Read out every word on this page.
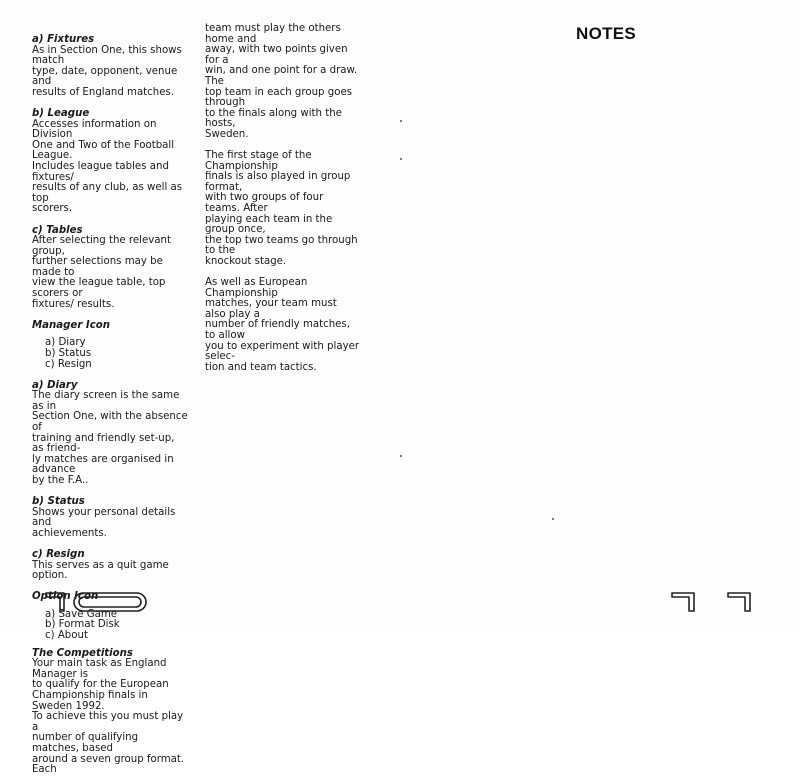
a) Fixtures

As in Section One, this shows match
type, date, opponent, venue and
results of England matches.

b) League

Accesses information on Division
One and Two of the Football League.
Includes league tables and fixtures/
results of any club, as well as top
scorers.

c) Tables

After selecting the relevant group,
further selections may be made to
view the league table, top scorers or
fixtures/ results.

Manager Icon

a) Diary
b) Status
c) Resign

a) Diary

The diary screen is the same as in
Section One, with the absence of
training and friendly set-up, as friend-
ly matches are organised in advance
by the F.A..

b) Status

Shows your personal details and
achievements.

c) Resign

This serves as a quit game option.

Option Icon

a) Save Game
b) Format Disk
c) About

The Competitions

Your main task as England Manager is
to qualify for the European
Championship finals in Sweden 1992.
To achieve this you must play a
number of qualifying matches, based
around a seven group format. Each

team must play the others home and
away, with two points given for a
win, and one point for a draw. The
top team in each group goes through
to the finals along with the hosts,
Sweden.

The first stage of the Championship
finals is also played in group format,
with two groups of four teams. After
playing each team in the group once,
the top two teams go through to the
knockout stage.

As well as European Championship
matches, your team must also play a
number of friendly matches, to allow
you to experiment with player selec-
tion and team tactics.

NOTES
